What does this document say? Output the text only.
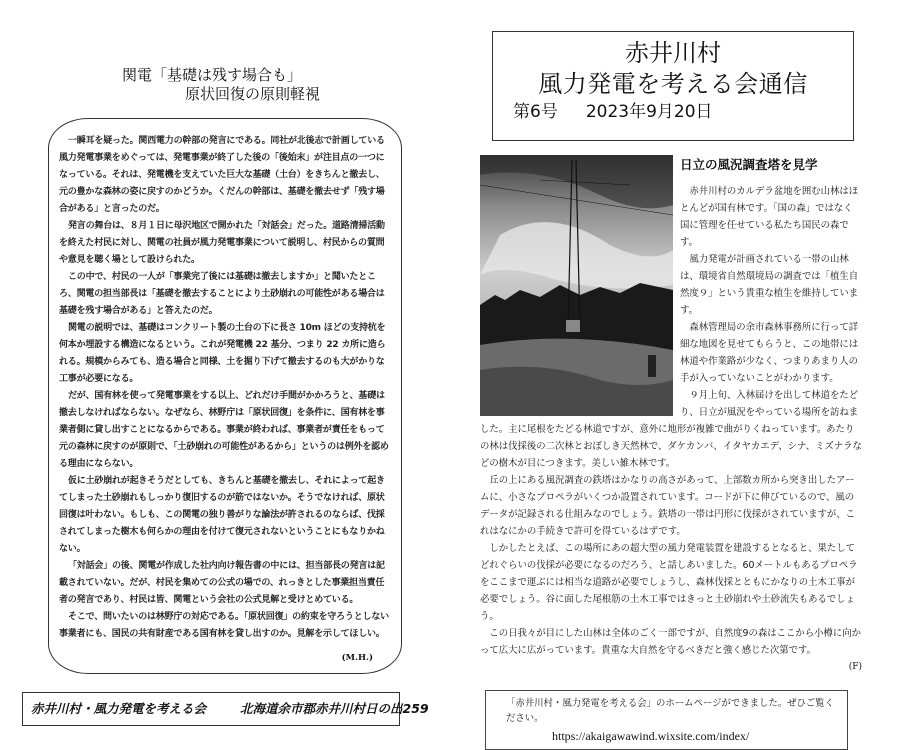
関電「基礎は残す場合も」
原状回復の原則軽視

一瞬耳を疑った。関西電力の幹部の発言にである。同社が北後志で計画している風力発電事業をめぐっては、発電事業が終了した後の「後始末」が注目点の一つになっている。それは、発電機を支えていた巨大な基礎（土台）をきちんと撤去し、元の豊かな森林の姿に戻すのかどうか。くだんの幹部は、基礎を撤去せず「残す場合がある」と言ったのだ。

発言の舞台は、８月１日に母沢地区で開かれた「対話会」だった。道路清掃活動を終えた村民に対し、関電の社員が風力発電事業について説明し、村民からの質問や意見を聴く場として設けられた。

この中で、村民の一人が「事業完了後には基礎は撤去しますか」と聞いたところ、関電の担当部長は「基礎を撤去することにより土砂崩れの可能性がある場合は基礎を残す場合がある」と答えたのだ。

関電の説明では、基礎はコンクリート製の土台の下に長さ 10m ほどの支持杭を何本か埋設する構造になるという。これが発電機 22 基分、つまり 22 カ所に造られる。規模からみても、造る場合と同様、土を掘り下げて撤去するのも大がかりな工事が必要になる。

だが、国有林を使って発電事業をする以上、どれだけ手間がかかろうと、基礎は撤去しなければならない。なぜなら、林野庁は「原状回復」を条件に、国有林を事業者側に貸し出すことになるからである。事業が終われば、事業者が責任をもって元の森林に戻すのが原則で、「土砂崩れの可能性があるから」というのは例外を認める理由にならない。

仮に土砂崩れが起きそうだとしても、きちんと基礎を撤去し、それによって起きてしまった土砂崩れもしっかり復旧するのが筋ではないか。そうでなければ、原状回復は叶わない。もしも、この関電の独り善がりな論法が許されるのならば、伐採されてしまった樹木も何らかの理由を付けて復元されないということにもなりかねない。

「対話会」の後、関電が作成した社内向け報告書の中には、担当部長の発言は記載されていない。だが、村民を集めての公式の場での、れっきとした事業担当責任者の発言であり、村民は皆、関電という会社の公式見解と受けとめている。

そこで、問いたいのは林野庁の対応である。「原状回復」の約束を守ろうとしない事業者にも、国民の共有財産である国有林を貸し出すのか。見解を示してほしい。

(M.H.)
赤井川村・風力発電を考える会	北海道余市郡赤井川村日の出259
赤井川村
風力発電を考える会通信
第6号 2023年9月20日
日立の風況調査塔を見学

赤井川村のカルデラ盆地を囲む山林はほとんどが国有林です。「国の森」ではなく国に管理を任せている私たち国民の森です。

風力発電が計画されている一帯の山林は、環境省自然環境局の調査では「植生自然度９」という貴重な植生を維持しています。

森林管理局の余市森林事務所に行って詳細な地図を見せてもらうと、この地帯には林道や作業路が少なく、つまりあまり人の手が入っていないことがわかります。

９月上旬、入林届けを出して林道をたどり、日立が風況をやっている場所を訪ねました。主に尾根をたどる林道ですが、意外に地形が複雑で曲がりくねっています。あたりの林は伐採後の二次林とおぼしき天然林で、ダケカンバ、イタヤカエデ、シナ、ミズナラなどの樹木が目につきます。美しい雑木林です。

丘の上にある風況調査の鉄塔はかなりの高さがあって、上部数カ所から突き出したアームに、小さなプロペラがいくつか設置されています。コードが下に伸びているので、風のデータが記録される仕組みなのでしょう。鉄塔の一帯は円形に伐採がされていますが、これはなにかの手続きで許可を得ているはずです。

しかしたとえば、この場所にあの超大型の風力発電装置を建設するとなると、果たしてどれぐらいの伐採が必要になるのだろう、と話しあいました。60メートルもあるプロペラをここまで運ぶには相当な道路が必要でしょうし、森林伐採とともにかなりの土木工事が必要でしょう。谷に面した尾根筋の土木工事ではきっと土砂崩れや土砂流失もあるでしょう。

この日我々が目にした山林は全体のごく一部ですが、自然度9の森はここから小樽に向かって広大に広がっています。貴重な大自然を守るべきだと強く感じた次第です。

(F)
「赤井川村・風力発電を考える会」のホームページができました。ぜひご覧ください。
https://akaigawawind.wixsite.com/index/
